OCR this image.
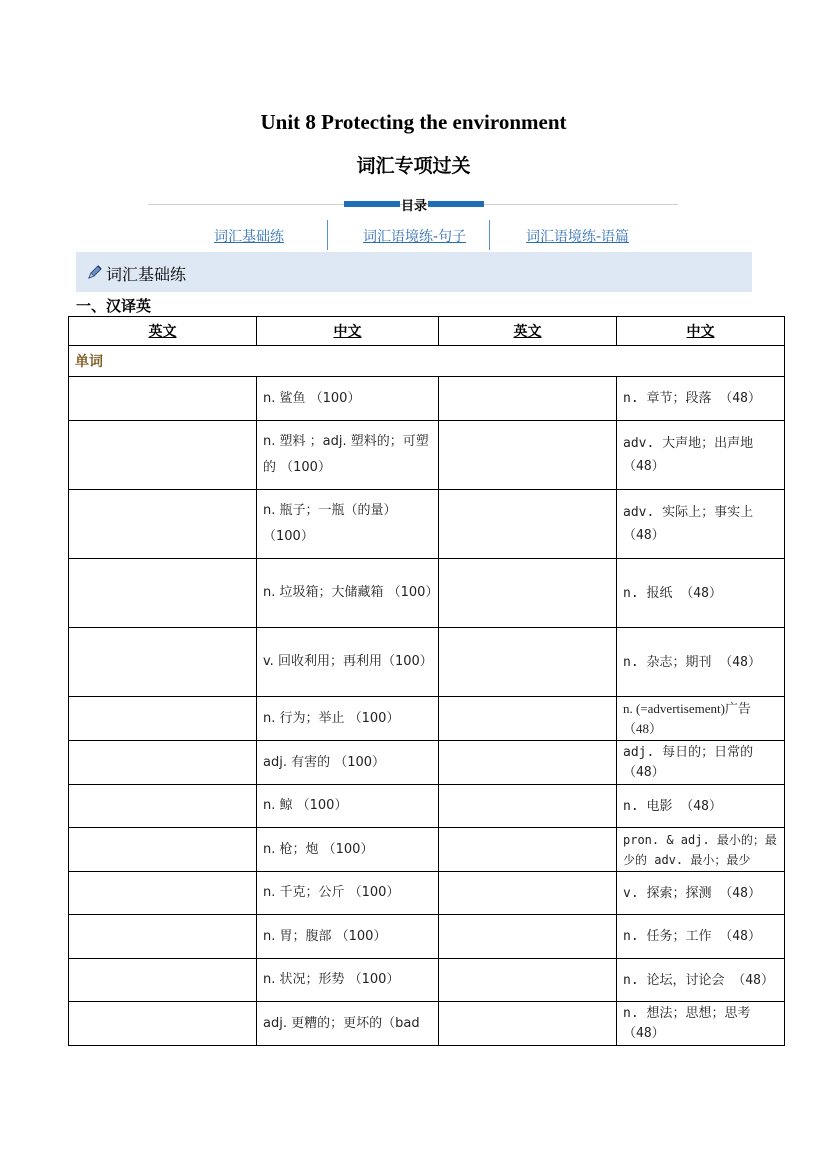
Unit 8 Protecting the environment
词汇专项过关
目录
词汇基础练	词汇语境练-句子	词汇语境练-语篇
词汇基础练
一、汉译英
英文	中文	英文	中文
单词			
	n. 鲨鱼 （100）		n. 章节；段落 （48）
	n. 塑料 ；adj. 塑料的；可塑的 （100）		adv. 大声地；出声地（48）
	n. 瓶子；一瓶（的量）（100）		adv. 实际上；事实上（48）
	n. 垃圾箱；大储藏箱 （100）		n. 报纸 （48）
	v. 回收利用；再利用（100）		n. 杂志；期刊 （48）
	n. 行为；举止 （100）		n. (=advertisement)广告（48）
	adj. 有害的 （100）		adj. 每日的；日常的（48）
	n. 鲸 （100）		n. 电影 （48）
	n. 枪；炮 （100）		pron. & adj. 最小的；最少的 adv. 最小；最少
	n. 千克；公斤 （100）		v. 探索；探测 （48）
	n. 胃；腹部 （100）		n. 任务；工作 （48）
	n. 状况；形势 （100）		n. 论坛，讨论会 （48）
	adj. 更糟的；更坏的（bad		n. 想法；思想；思考（48）
